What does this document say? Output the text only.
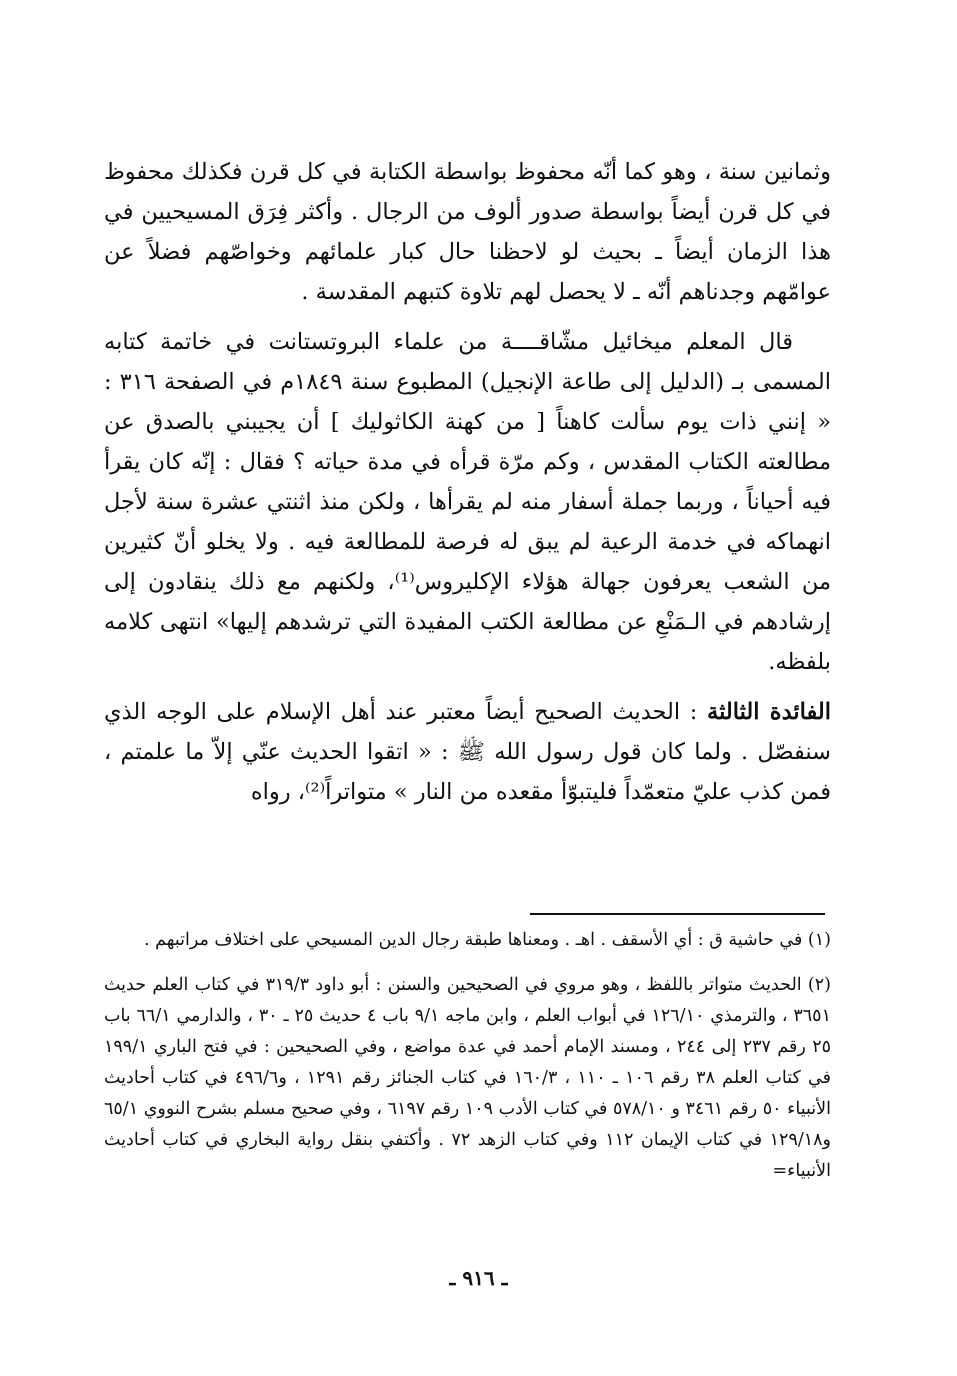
وثمانين سنة ، وهو كما أنّه محفوظ بواسطة الكتابة في كل قرن فكذلك محفوظ في كل قرن أيضاً بواسطة صدور ألوف من الرجال . وأكثر فِرَق المسيحيين في هذا الزمان أيضاً ـ بحيث لو لاحظنا حال كبار علمائهم وخواصّهم فضلاً عن عوامّهم وجدناهم أنّه ـ لا يحصل لهم تلاوة كتبهم المقدسة .

قال المعلم ميخائيل مشّاقــــة من علماء البروتستانت في خاتمة كتابه المسمى بـ (الدليل إلى طاعة الإنجيل) المطبوع سنة ١٨٤٩م في الصفحة ٣١٦ : « إنني ذات يوم سألت كاهناً [ من كهنة الكاثوليك ] أن يجيبني بالصدق عن مطالعته الكتاب المقدس ، وكم مرّة قرأه في مدة حياته ؟ فقال : إنّه كان يقرأ فيه أحياناً ، وربما جملة أسفار منه لم يقرأها ، ولكن منذ اثنتي عشرة سنة لأجل انهماكه في خدمة الرعية لم يبق له فرصة للمطالعة فيه . ولا يخلو أنّ كثيرين من الشعب يعرفون جهالة هؤلاء الإكليروس⁽¹⁾، ولكنهم مع ذلك ينقادون إلى إرشادهم في الـمَنْعِ عن مطالعة الكتب المفيدة التي ترشدهم إليها» انتهى كلامه بلفظه.

الفائدة الثالثة : الحديث الصحيح أيضاً معتبر عند أهل الإسلام على الوجه الذي سنفصّل . ولما كان قول رسول الله ﷺ : « اتقوا الحديث عنّي إلاّ ما علمتم ، فمن كذب عليّ متعمّداً فليتبوّأ مقعده من النار » متواتراً⁽²⁾، رواه

(١) في حاشية ق : أي الأسقف . اهـ . ومعناها طبقة رجال الدين المسيحي على اختلاف مراتبهم .

(٢) الحديث متواتر باللفظ ، وهو مروي في الصحيحين والسنن : أبو داود ٣١٩/٣ في كتاب العلم حديث ٣٦٥١ ، والترمذي ١٢٦/١٠ في أبواب العلم ، وابن ماجه ٩/١ باب ٤ حديث ٢٥ ـ ٣٠ ، والدارمي ٦٦/١ باب ٢٥ رقم ٢٣٧ إلى ٢٤٤ ، ومسند الإمام أحمد في عدة مواضع ، وفي الصحيحين : في فتح الباري ١٩٩/١ في كتاب العلم ٣٨ رقم ١٠٦ ـ ١١٠ ، ١٦٠/٣ في كتاب الجنائز رقم ١٢٩١ ، و٤٩٦/٦ في كتاب أحاديث الأنبياء ٥٠ رقم ٣٤٦١ و ٥٧٨/١٠ في كتاب الأدب ١٠٩ رقم ٦١٩٧ ، وفي صحيح مسلم بشرح النووي ٦٥/١ و١٢٩/١٨ في كتاب الإيمان ١١٢ وفي كتاب الزهد ٧٢ . وأكتفي بنقل رواية البخاري في كتاب أحاديث الأنبياء=

ـ ٩١٦ ـ
